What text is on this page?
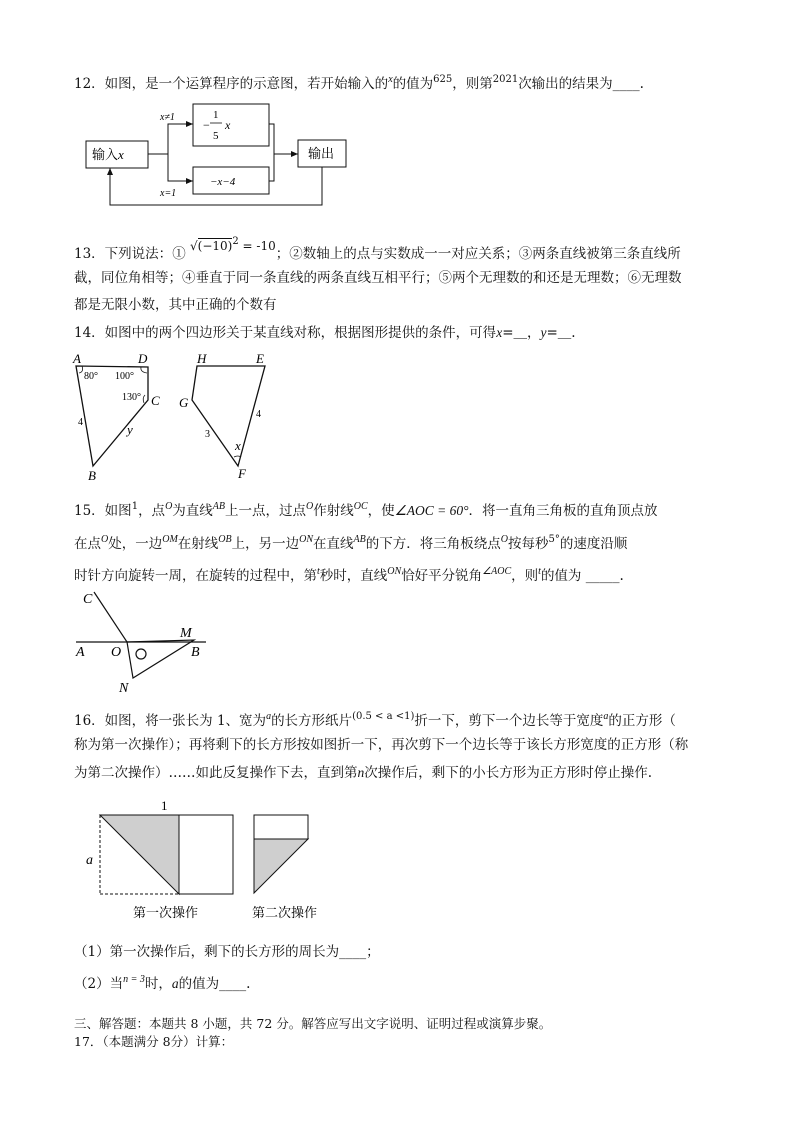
12．如图，是一个运算程序的示意图，若开始输入的$^x$的值为$^{625}$，则第$^{2021}$次输出的结果为____.
输入x	输出
x≠1
x=1
−
1
5
x
−x−4
13．下列说法：① $√(-10)^2 = -10$；②数轴上的点与实数成一一对应关系；③两条直线被第三条直线所
截，同位角相等；④垂直于同一条直线的两条直线互相平行；⑤两个无理数的和还是无理数；⑥无理数
都是无限小数，其中正确的个数有
14．如图中的两个四边形关于某直线对称，根据图形提供的条件，可得x=＿，y=＿.
A	D
C
B
y
H	E
G
F
x
80° 100°
130°
4
4
3
15．如图$^1$，点$^O$为直线$^{AB}$上一点，过点$^O$作射线$^{OC}$，使∠AOC = 60°．将一直角三角板的直角顶点放
在点$^O$处，一边$^{OM}$在射线$^{OB}$上，另一边$^{ON}$在直线$^{AB}$的下方．将三角板绕点$^O$按每秒$^{5^\circ}$的速度沿顺
时针方向旋转一周，在旋转的过程中，第$^t$秒时，直线$^{ON}$恰好平分锐角$^{\angle AOC}$，则$^t$的值为 _____.
C
A O
M
B
N
16．如图，将一张长为 1、宽为$^a$的长方形纸片$^{(0.5 < a <1)}$折一下，剪下一个边长等于宽度$^a$的正方形（
称为第一次操作）；再将剩下的长方形按如图折一下，再次剪下一个边长等于该长方形宽度的正方形（称
为第二次操作）……如此反复操作下去，直到第n次操作后，剩下的小长方形为正方形时停止操作.
1
a
第一次操作	第二次操作
（1）第一次操作后，剩下的长方形的周长为____；
（2）当$^{n = 3}$时，a的值为____.
三、解答题：本题共 8 小题，共 72 分。解答应写出文字说明、证明过程或演算步聚。
17．（本题满分 8分）计算：
